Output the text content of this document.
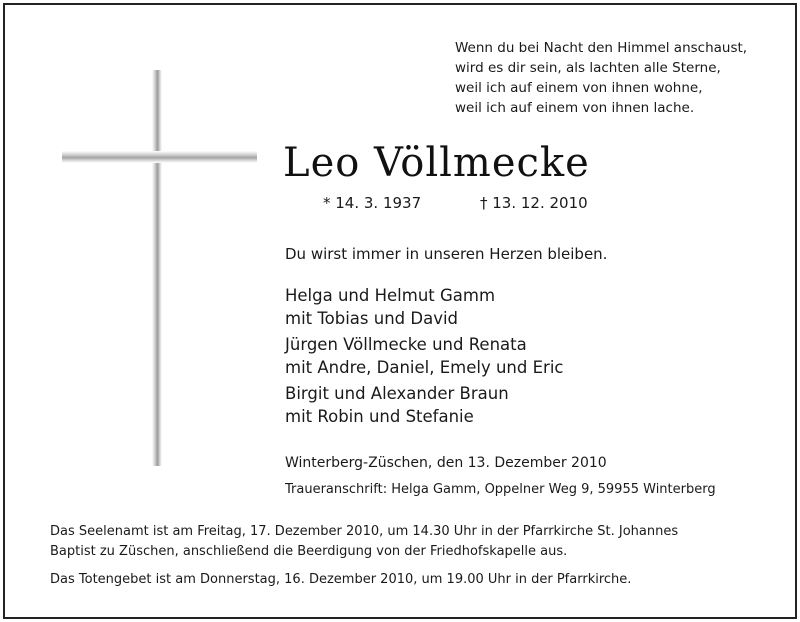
Wenn du bei Nacht den Himmel anschaust,
wird es dir sein, als lachten alle Sterne,
weil ich auf einem von ihnen wohne,
weil ich auf einem von ihnen lache.
Leo Völlmecke
* 14. 3. 1937	† 13. 12. 2010
Du wirst immer in unseren Herzen bleiben.
Helga und Helmut Gamm
mit Tobias und David
Jürgen Völlmecke und Renata
mit Andre, Daniel, Emely und Eric
Birgit und Alexander Braun
mit Robin und Stefanie
Winterberg-Züschen, den 13. Dezember 2010
Traueranschrift: Helga Gamm, Oppelner Weg 9, 59955 Winterberg
Das Seelenamt ist am Freitag, 17. Dezember 2010, um 14.30 Uhr in der Pfarrkirche St. Johannes
Baptist zu Züschen, anschließend die Beerdigung von der Friedhofskapelle aus.
Das Totengebet ist am Donnerstag, 16. Dezember 2010, um 19.00 Uhr in der Pfarrkirche.
